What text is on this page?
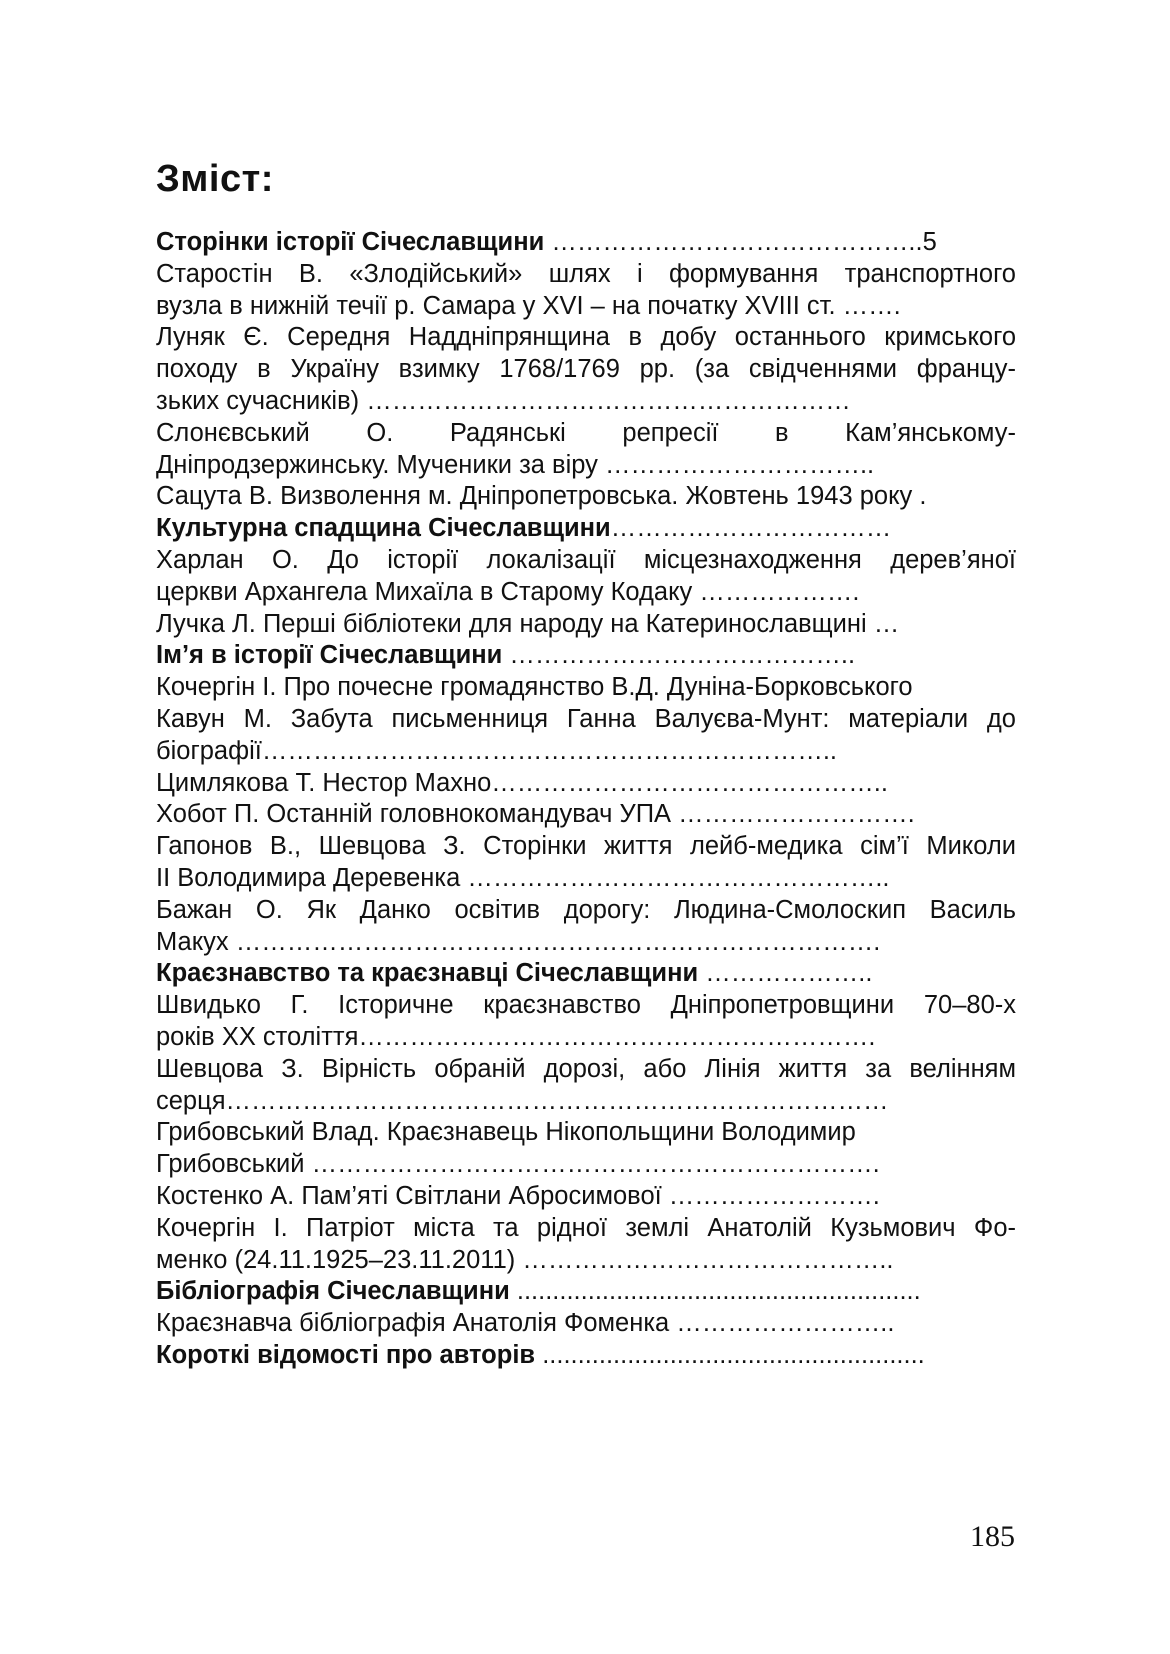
Зміст:
Сторінки історії Січеславщини ……………………………………..5
Старостін В. «Злодійський» шлях і формування транспортного
вузла в нижній течії р. Самара у XVI – на початку XVIII ст. …….
Луняк Є. Середня Наддніпрянщина в добу останнього кримського
походу в Україну взимку 1768/1769 рр. (за свідченнями францу-
зьких сучасників) …………………………………………………
Слонєвський О. Радянські репресії в Кам’янському-
Дніпродзержинську. Мученики за віру …………………………..
Сацута В. Визволення м. Дніпропетровська. Жовтень 1943 року .
Культурна спадщина Січеславщини……………………………
Харлан О. До історії локалізації місцезнаходження дерев’яної
церкви Архангела Михаїла в Старому Кодаку ……………….
Лучка Л. Перші бібліотеки для народу на Катеринославщині …
Ім’я в історії Січеславщини …………………………………..
Кочергін І. Про почесне громадянство В.Д. Дуніна-Борковського
Кавун М. Забута письменниця Ганна Валуєва-Мунт: матеріали до
біографії…………………………………………………………..
Цимлякова Т. Нестор Махно………………………………………..
Хобот П. Останній головнокомандувач УПА ……………………….
Гапонов В., Шевцова З. Сторінки життя лейб-медика сім’ї Миколи
ІІ Володимира Деревенка …………………………………………..
Бажан О. Як Данко освітив дорогу: Людина-Смолоскип Василь
Макух ………………………………………………………………….
Краєзнавство та краєзнавці Січеславщини ………………..
Швидько Г. Історичне краєзнавство Дніпропетровщини 70–80-х
років ХХ століття…………………………………………………….
Шевцова З. Вірність обраній дорозі, або Лінія життя за велінням
серця……………………………………………………………………
Грибовський Влад. Краєзнавець Нікопольщини Володимир
Грибовський ………………………………………………………….
Костенко А. Пам’яті Світлани Абросимової …………………….
Кочергін І. Патріот міста та рідної землі Анатолій Кузьмович Фо-
менко (24.11.1925–23.11.2011) ……………………………………..
Бібліографія Січеславщини .........................................................
Краєзнавча бібліографія Анатолія Фоменка ……………………..
Короткі відомості про авторів ......................................................
185
